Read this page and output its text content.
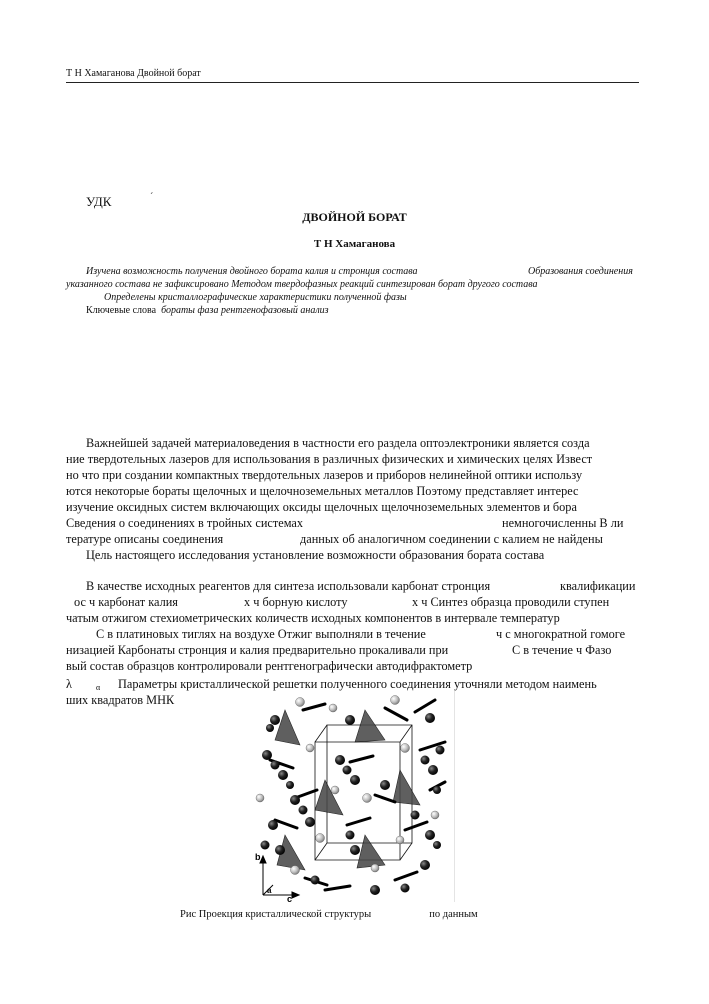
Т Н Хамаганова Двойной борат
УДК	´
ДВОЙНОЙ БОРАТ
Т Н Хамаганова
Изучена возможность получения двойного бората калия и стронция состава	Образования соединения
указанного состава не зафиксировано Методом твердофазных реакций синтезирован борат другого состава
Определены кристаллографические характеристики полученной фазы
Ключевые слова бораты фаза рентгенофазовый анализ
Важнейшей задачей материаловедения в частности его раздела оптоэлектроники является созда
ние твердотельных лазеров для использования в различных физических и химических целях Извест
но что при создании компактных твердотельных лазеров и приборов нелинейной оптики использу
ются некоторые бораты щелочных и щелочноземельных металлов Поэтому представляет интерес
изучение оксидных систем включающих оксиды щелочных щелочноземельных элементов и бора
Сведения о соединениях в тройных системах	немногочисленны В ли
тературе описаны соединения	данных об аналогичном соединении с калием не найдены
Цель настоящего исследования установление возможности образования бората состава
В качестве исходных реагентов для синтеза использовали карбонат стронция	квалификации
ос ч карбонат калия	х ч борную кислоту	х ч Синтез образца проводили ступен
чатым отжигом стехиометрических количеств исходных компонентов в интервале температур
С в платиновых тиглях на воздухе Отжиг выполняли в течение	ч с многократной гомоге
низацией Карбонаты стронция и калия предварительно прокаливали при	С в течение ч Фазо
вый состав образцов контролировали рентгенографически автодифрактометр
λ	α Параметры кристаллической решетки полученного соединения уточняли методом наимень
ших квадратов МНК
b
a
c
Рис Проекция кристаллической структуры	по данным
